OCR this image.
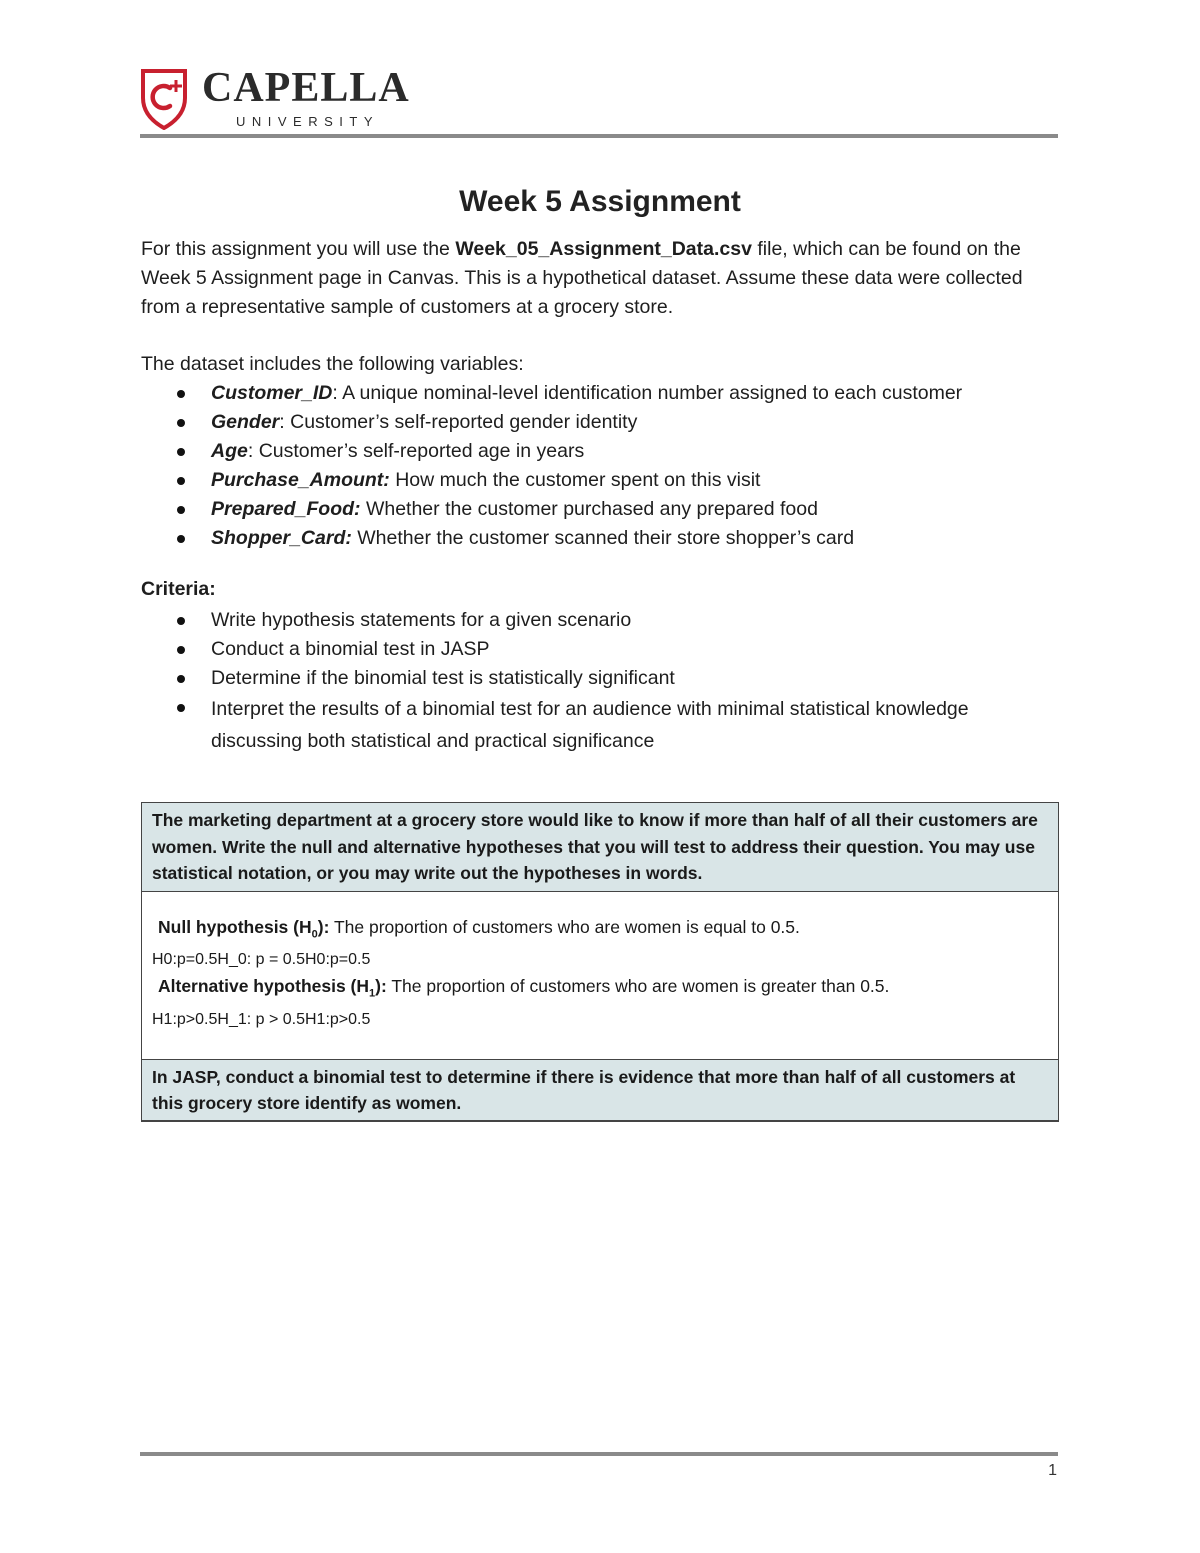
CAPELLA
UNIVERSITY
Week 5 Assignment
For this assignment you will use the Week_05_Assignment_Data.csv file, which can be found on the Week 5 Assignment page in Canvas. This is a hypothetical dataset. Assume these data were collected from a representative sample of customers at a grocery store.
The dataset includes the following variables:
Customer_ID: A unique nominal-level identification number assigned to each customer
Gender: Customer’s self-reported gender identity
Age: Customer’s self-reported age in years
Purchase_Amount: How much the customer spent on this visit
Prepared_Food: Whether the customer purchased any prepared food
Shopper_Card: Whether the customer scanned their store shopper’s card
Criteria:
Write hypothesis statements for a given scenario
Conduct a binomial test in JASP
Determine if the binomial test is statistically significant
Interpret the results of a binomial test for an audience with minimal statistical knowledge discussing both statistical and practical significance
The marketing department at a grocery store would like to know if more than half of all their customers are women. Write the null and alternative hypotheses that you will test to address their question. You may use statistical notation, or you may write out the hypotheses in words.
Null hypothesis $(H_0)$: The proportion of customers who are women is equal to 0.5.
H0:p=0.5H_0: p = 0.5H0:p=0.5
Alternative hypothesis $(H_1)$: The proportion of customers who are women is greater than 0.5.
H1:p>0.5H_1: p > 0.5H1:p>0.5
In JASP, conduct a binomial test to determine if there is evidence that more than half of all customers at this grocery store identify as women.
1
